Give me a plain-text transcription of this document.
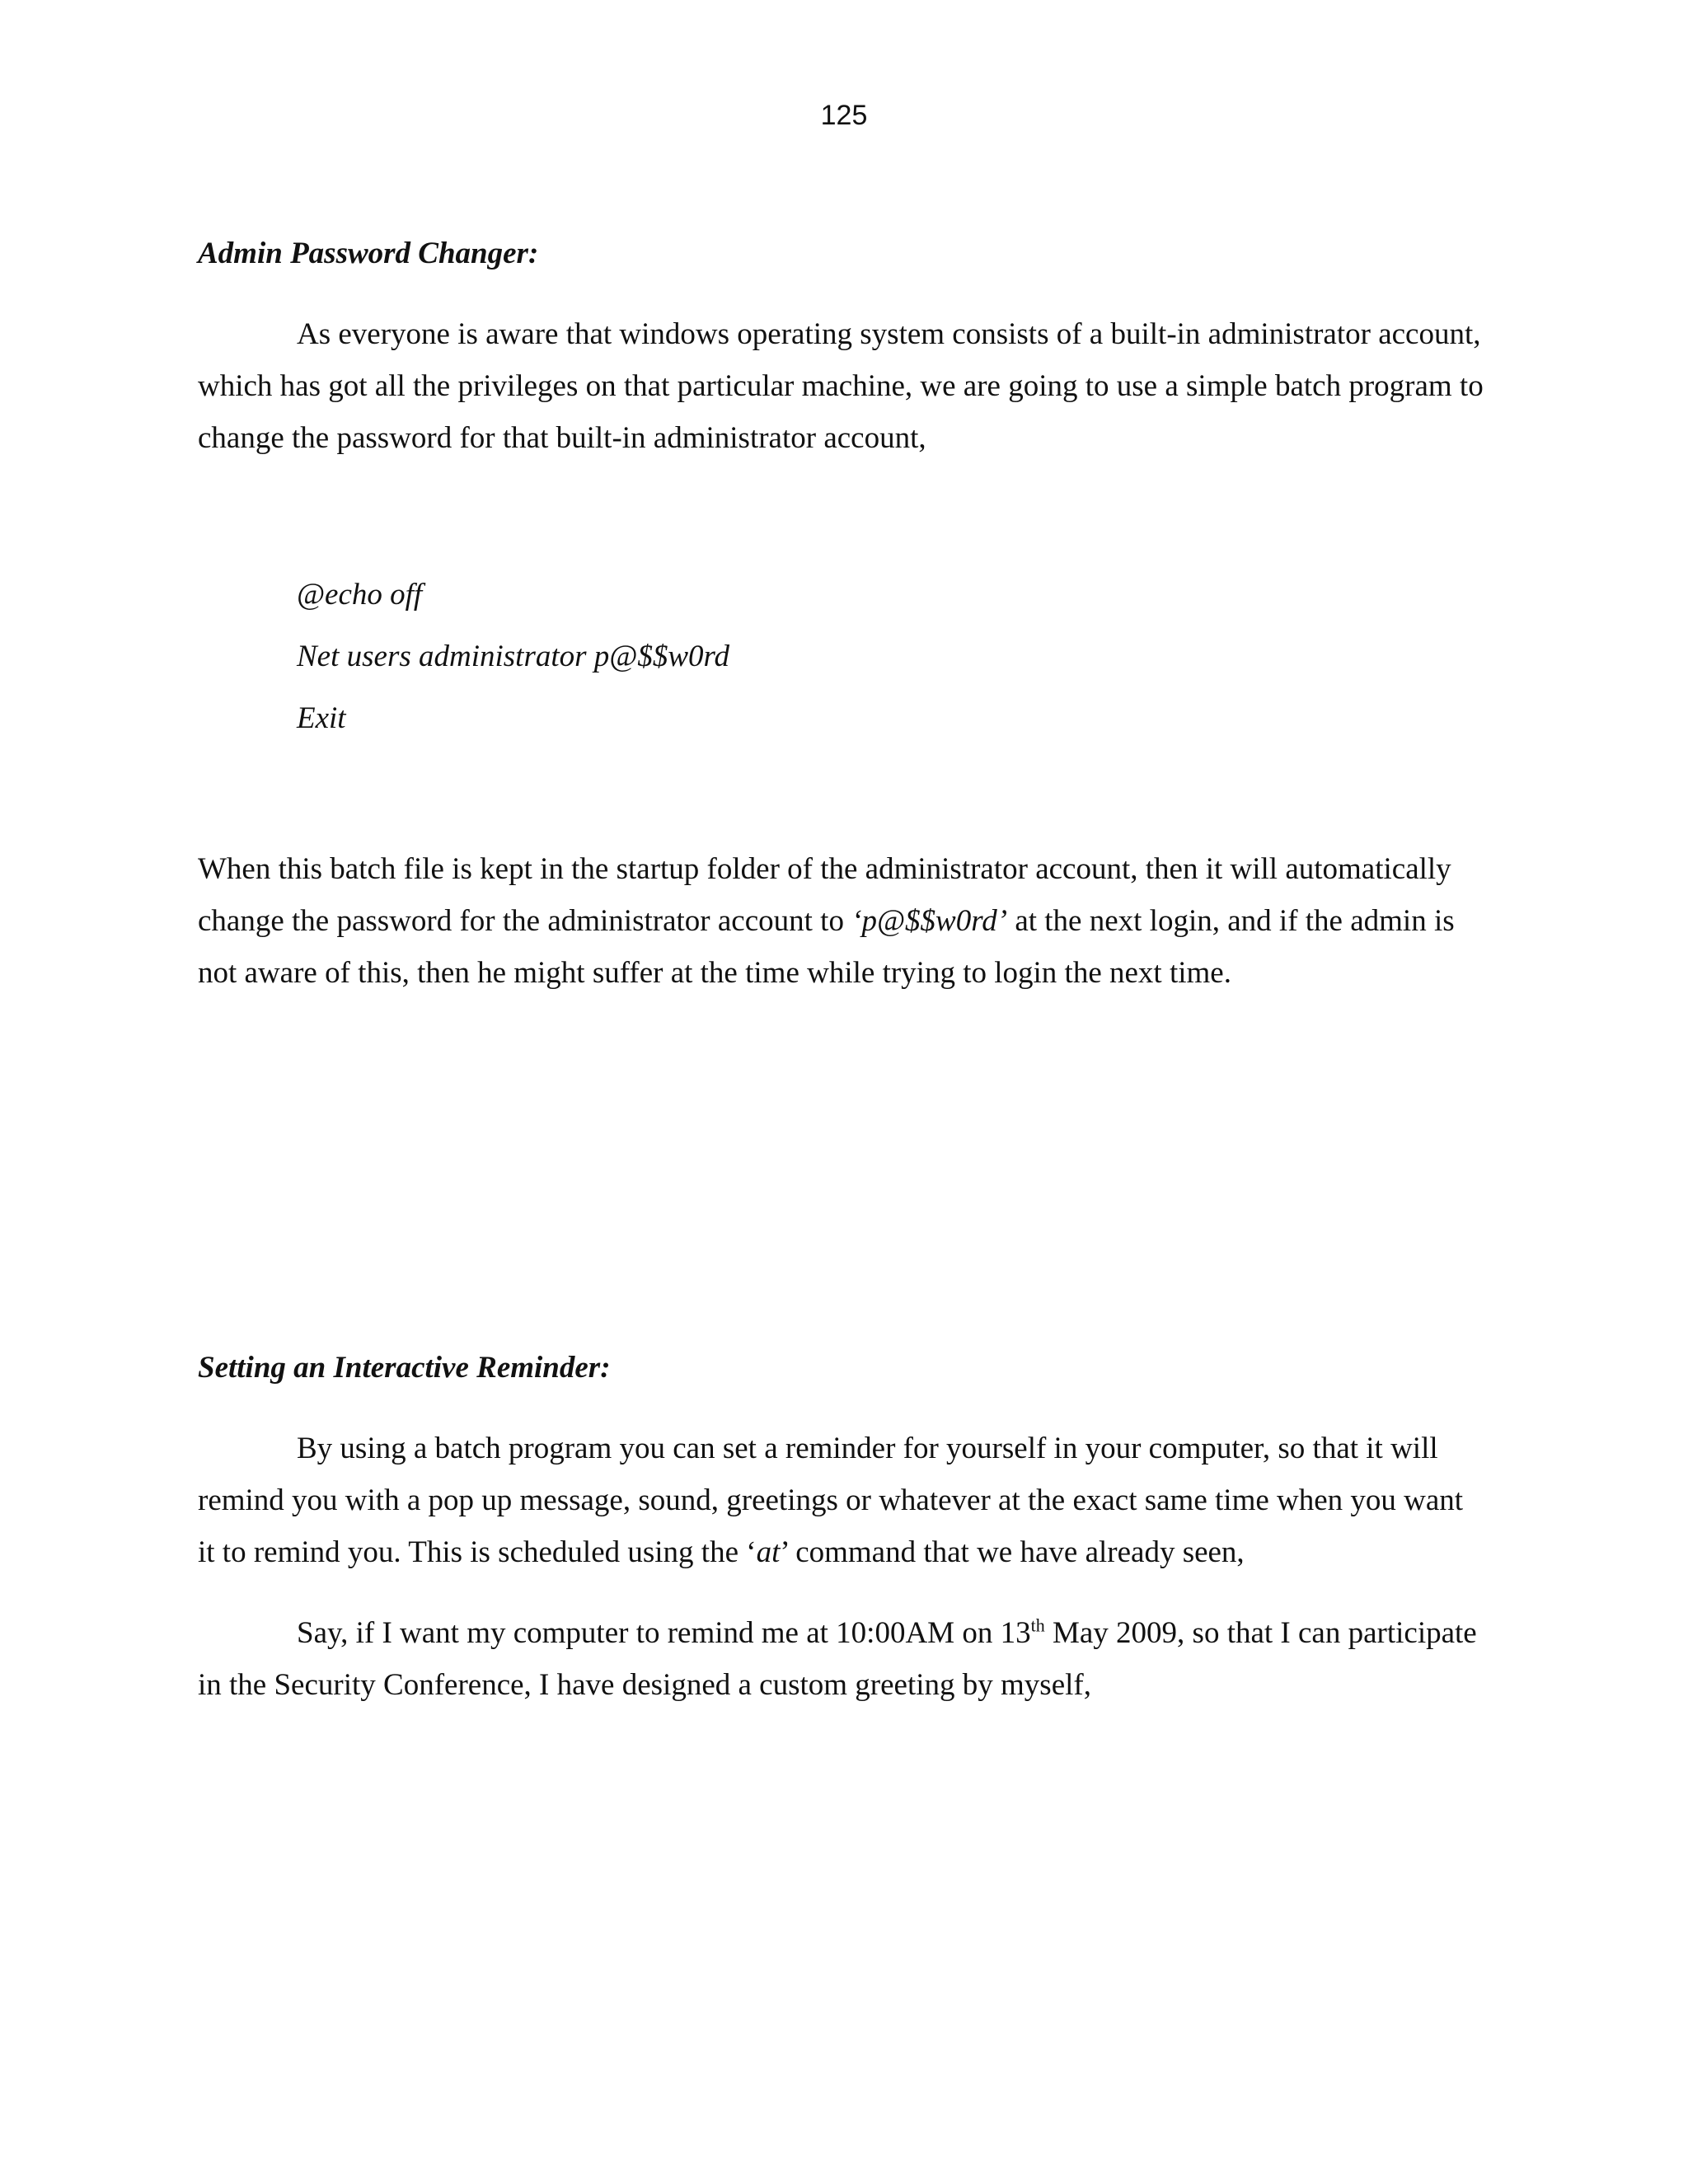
125
Admin Password Changer:

As everyone is aware that windows operating system consists of a built-in administrator account, which has got all the privileges on that particular machine, we are going to use a simple batch program to change the password for that built-in administrator account,

@echo off

Net users administrator p@$$w0rd

Exit

When this batch file is kept in the startup folder of the administrator account, then it will automatically change the password for the administrator account to ‘p@$$w0rd’ at the next login, and if the admin is not aware of this, then he might suffer at the time while trying to login the next time.

Setting an Interactive Reminder:

By using a batch program you can set a reminder for yourself in your computer, so that it will remind you with a pop up message, sound, greetings or whatever at the exact same time when you want it to remind you. This is scheduled using the ‘at’ command that we have already seen,

Say, if I want my computer to remind me at 10:00AM on 13th May 2009, so that I can participate in the Security Conference, I have designed a custom greeting by myself,
